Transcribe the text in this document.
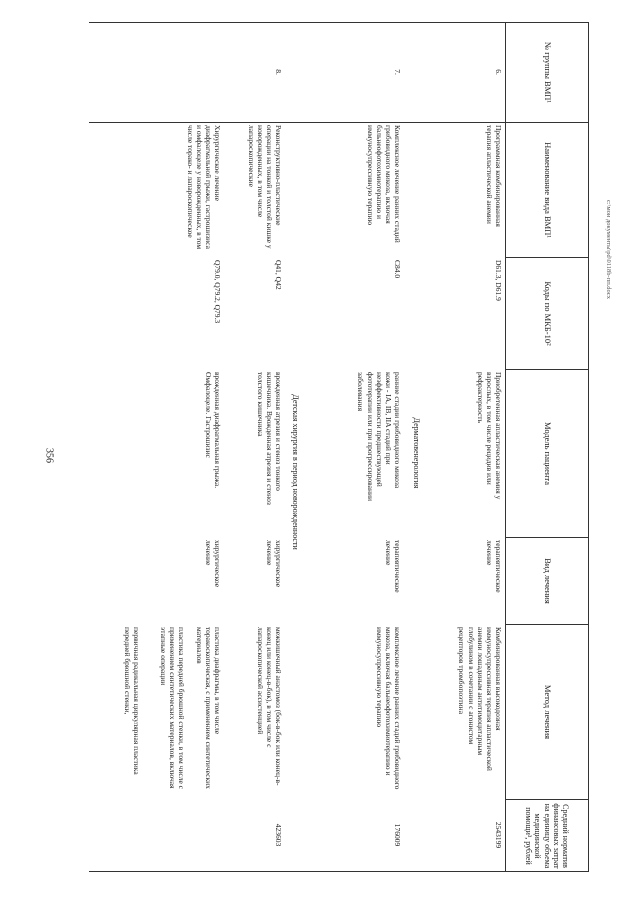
356
№ группы ВМП¹
Наименование вида ВМП¹
Коды по МКБ-10²
Модель пациента
Вид лечения
Метод лечения
Средний норматив финансовых затрат на единицу объема медицинской помощи³, рублей
6.
Программная комбинированная терапия апластической анемии
D61.3, D61.9
Приобретенная апластическая анемия у взрослых, в том числе рецидив или рефрактерность
терапевтическое лечение
Комбинированная высокодозная иммуносупрессивная терапия апластической анемии лошадиным антитимоцитарным глобулином в сочетании с агонистом рецепторов тромбопоэтина
2543199
Дерматовенерология
7.
Комплексное лечение ранних стадий грибовидного микоза, включая бальнеофотохимиотерапию и иммуносупрессивную терапию
C84.0
ранние стадии грибовидного микоза кожи - IA, IB, IIA стадий при неэффективности предшествующей фототерапии или при прогрессировании заболевания
терапевтическое лечение
комплексное лечение ранних стадий грибовидного микоза, включая бальнеофотохимиотерапию и иммуносупрессивную терапию
176009
Детская хирургия в период новорожденности
8.
Реконструктивно-пластические операции на тонкой и толстой кишке у новорожденных, в том числе лапароскопические
Q41, Q42
врожденная атрезия и стеноз тонкого кишечника. Врожденная атрезия и стеноз толстого кишечника
хирургическое лечение
межкишечный анастомоз (бок-в-бок или конец-в-конец или конец-в-бок), в том числе с лапароскопической ассистенцией
423603
Хирургическое лечение диафрагмальной грыжи, гастрошизиса и омфалоцеле у новорожденных, в том числе торако- и лапароскопическое
Q79.0, Q79.2, Q79.3
врожденная диафрагмальная грыжа. Омфалоцеле. Гастрошизис
хирургическое лечение
пластика диафрагмы, в том числе торакоскопическая, с применением синтетических материалов
пластика передней брюшной стенки, в том числе с применением синтетических материалов, включая этапные операции
первичная радикальная циркулярная пластика передней брюшной стенки,
c:\мои документы\pd\0118b-пп.docx
